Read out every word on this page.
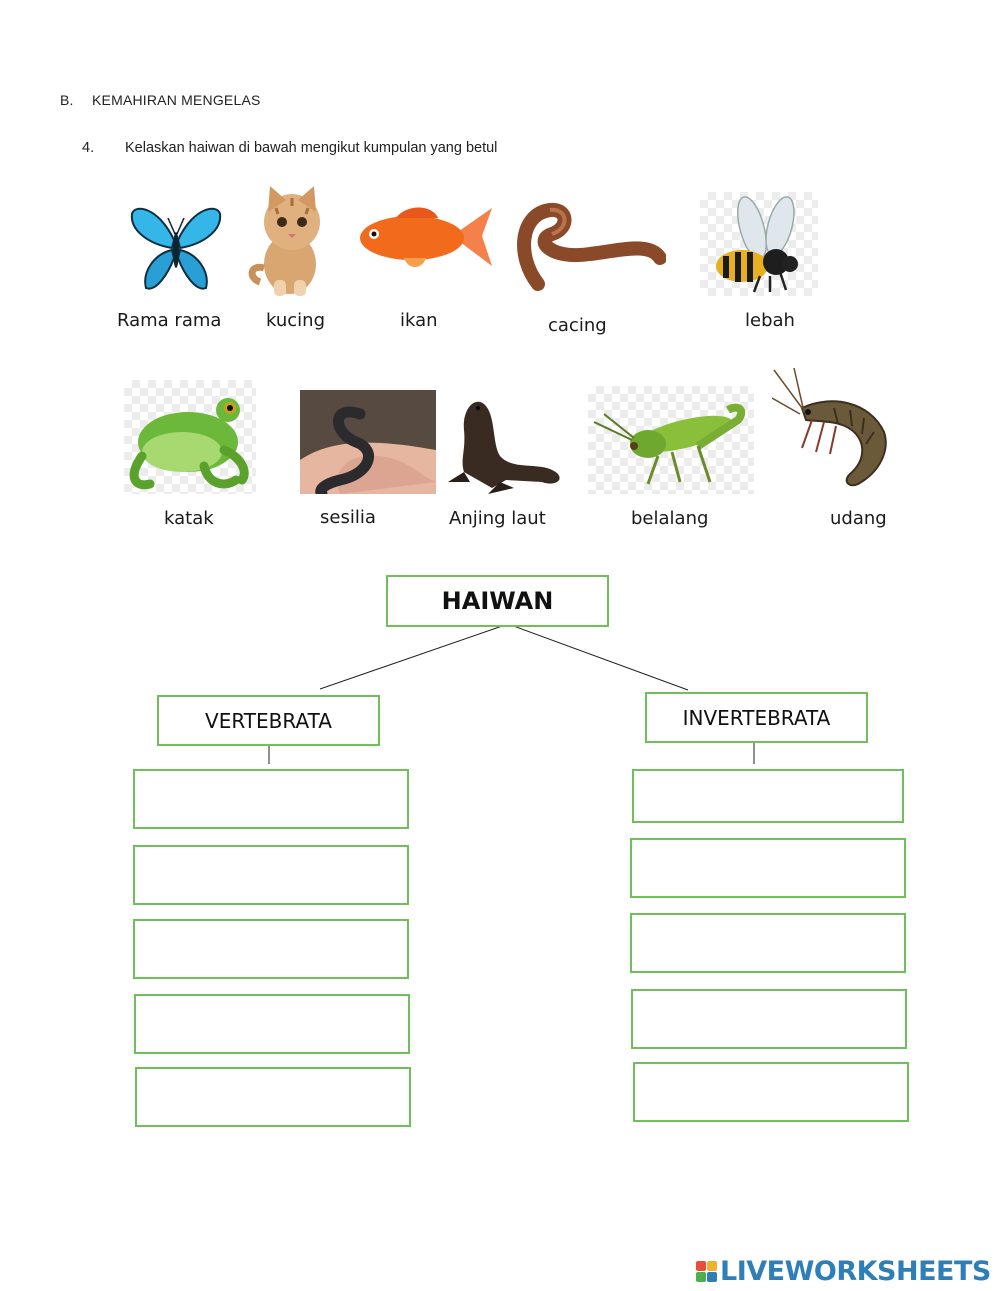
B. KEMAHIRAN MENGELAS
4. Kelaskan haiwan di bawah mengikut kumpulan yang betul
Rama rama kucing	ikan	cacing	lebah
katak	sesilia	Anjing laut	belalang	udang
HAIWAN
VERTEBRATA	INVERTEBRATA
LIVEWORKSHEETS
